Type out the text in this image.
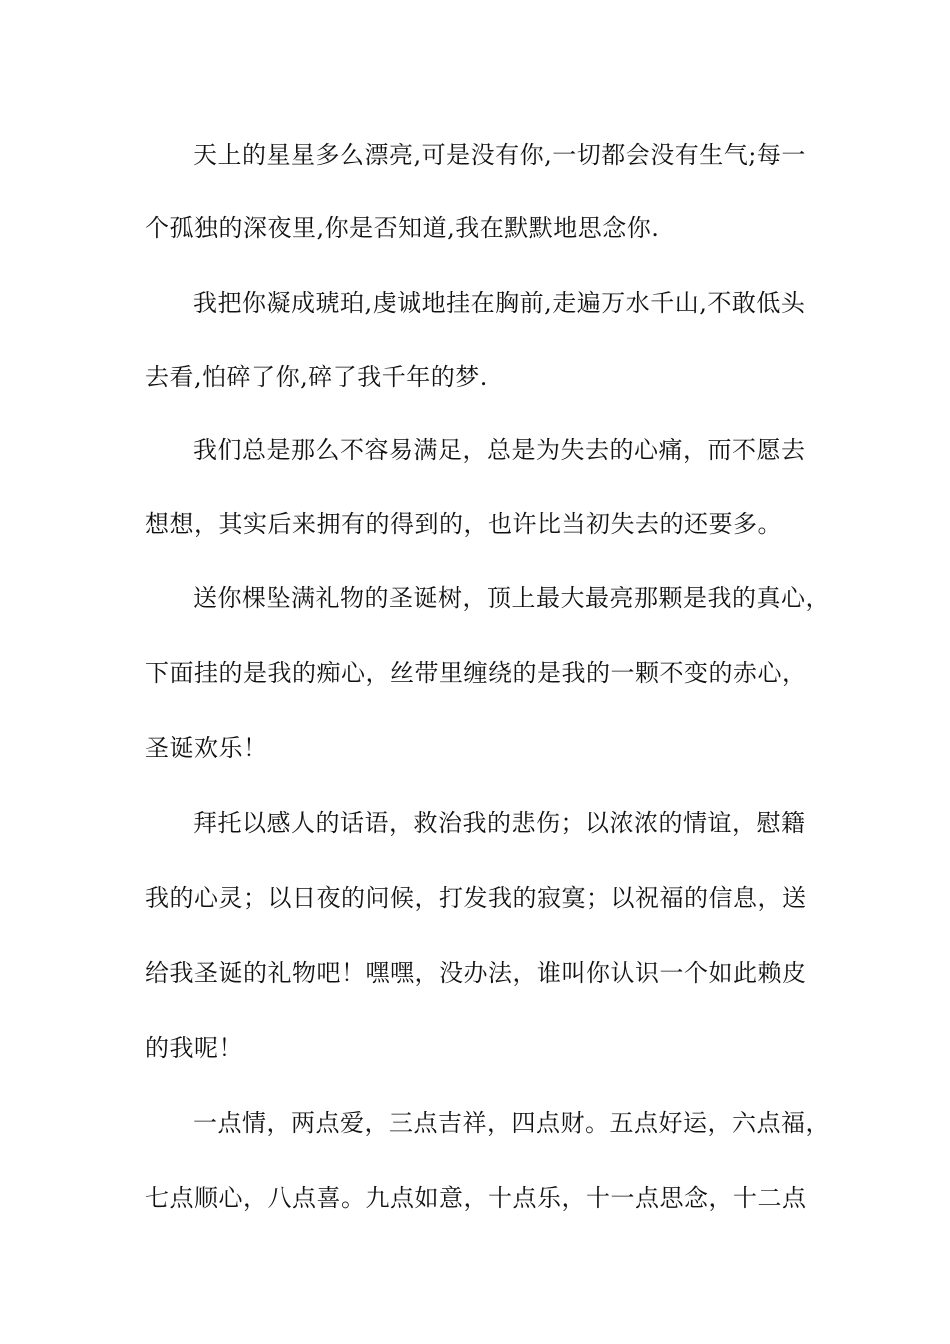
天上的星星多么漂亮,可是没有你,一切都会没有生气;每一
个孤独的深夜里,你是否知道,我在默默地思念你.
我把你凝成琥珀,虔诚地挂在胸前,走遍万水千山,不敢低头
去看,怕碎了你,碎了我千年的梦.
我们总是那么不容易满足，总是为失去的心痛，而不愿去
想想，其实后来拥有的得到的，也许比当初失去的还要多。
送你棵坠满礼物的圣诞树，顶上最大最亮那颗是我的真心，
下面挂的是我的痴心，丝带里缠绕的是我的一颗不变的赤心，
圣诞欢乐！
拜托以感人的话语，救治我的悲伤；以浓浓的情谊，慰籍
我的心灵；以日夜的问候，打发我的寂寞；以祝福的信息，送
给我圣诞的礼物吧！嘿嘿，没办法，谁叫你认识一个如此赖皮
的我呢！
一点情，两点爱，三点吉祥，四点财。五点好运，六点福，
七点顺心，八点喜。九点如意，十点乐，十一点思念，十二点
